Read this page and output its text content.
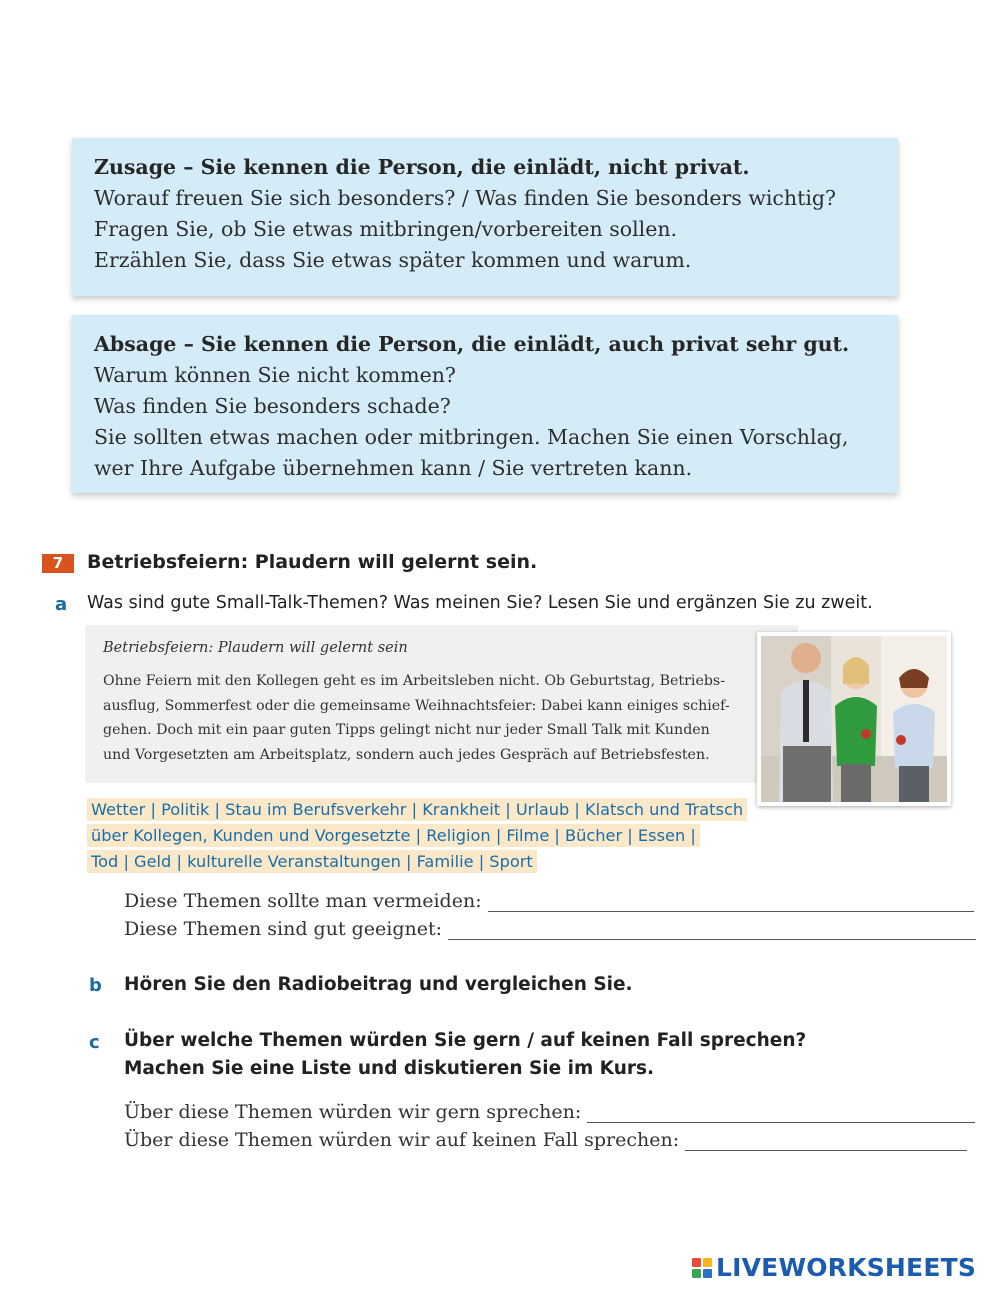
Zusage – Sie kennen die Person, die einlädt, nicht privat.
Worauf freuen Sie sich besonders? / Was finden Sie besonders wichtig?
Fragen Sie, ob Sie etwas mitbringen/vorbereiten sollen.
Erzählen Sie, dass Sie etwas später kommen und warum.
Absage – Sie kennen die Person, die einlädt, auch privat sehr gut.
Warum können Sie nicht kommen?
Was finden Sie besonders schade?
Sie sollten etwas machen oder mitbringen. Machen Sie einen Vorschlag,
wer Ihre Aufgabe übernehmen kann / Sie vertreten kann.
7	Betriebsfeiern: Plaudern will gelernt sein.
a Was sind gute Small-Talk-Themen? Was meinen Sie? Lesen Sie und ergänzen Sie zu zweit.
Betriebsfeiern: Plaudern will gelernt sein
Ohne Feiern mit den Kollegen geht es im Arbeitsleben nicht. Ob Geburtstag, Betriebs-
ausflug, Sommerfest oder die gemeinsame Weihnachtsfeier: Dabei kann einiges schief-
gehen. Doch mit ein paar guten Tipps gelingt nicht nur jeder Small Talk mit Kunden
und Vorgesetzten am Arbeitsplatz, sondern auch jedes Gespräch auf Betriebsfesten.
Wetter | Politik | Stau im Berufsverkehr | Krankheit | Urlaub | Klatsch und Tratsch
über Kollegen, Kunden und Vorgesetzte | Religion | Filme | Bücher | Essen |
Tod | Geld | kulturelle Veranstaltungen | Familie | Sport
Diese Themen sollte man vermeiden:
Diese Themen sind gut geeignet:
b Hören Sie den Radiobeitrag und vergleichen Sie.
c Über welche Themen würden Sie gern / auf keinen Fall sprechen?
Machen Sie eine Liste und diskutieren Sie im Kurs.
Über diese Themen würden wir gern sprechen:
Über diese Themen würden wir auf keinen Fall sprechen:
LIVEWORKSHEETS
